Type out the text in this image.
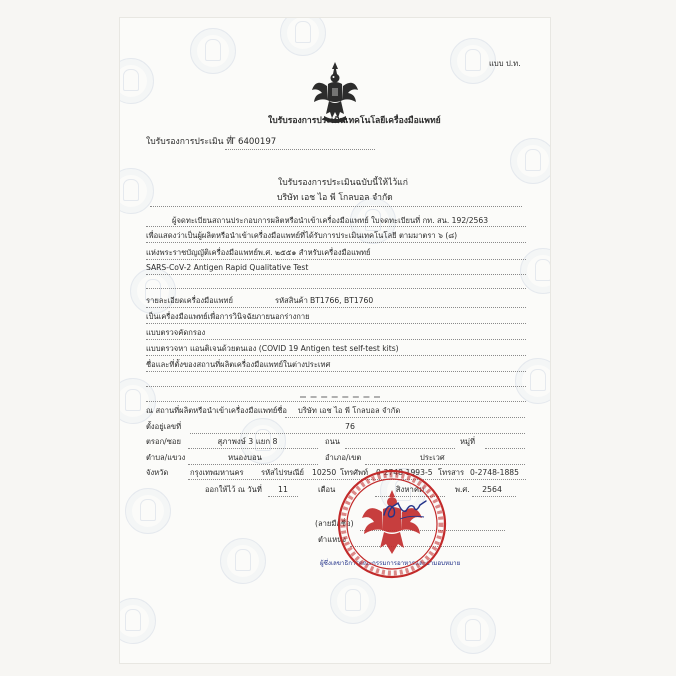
แบบ ป.ท.
ใบรับรองการประเมินเทคโนโลยีเครื่องมือแพทย์
ใบรับรองการประเมิน ที่
T 6400197
ใบรับรองการประเมินฉบับนี้ให้ไว้แก่
บริษัท เอช ไอ พี โกลบอล จำกัด
ผู้จดทะเบียนสถานประกอบการผลิตหรือนำเข้าเครื่องมือแพทย์ ใบจดทะเบียนที่ กท. สน. 192/2563
เพื่อแสดงว่าเป็นผู้ผลิตหรือนำเข้าเครื่องมือแพทย์ที่ได้รับการประเมินเทคโนโลยี ตามมาตรา ๖ (๘)
แห่งพระราชบัญญัติเครื่องมือแพทย์พ.ศ. ๒๕๕๑ สำหรับเครื่องมือแพทย์
SARS-CoV-2 Antigen Rapid Qualitative Test
รายละเอียดเครื่องมือแพทย์	รหัสสินค้า BT1766, BT1760
เป็นเครื่องมือแพทย์เพื่อการวินิจฉัยภายนอกร่างกาย
แบบตรวจคัดกรอง
แบบตรวจหา แอนติเจนด้วยตนเอง (COVID 19 Antigen test self-test kits)
ชื่อและที่ตั้งของสถานที่ผลิตเครื่องมือแพทย์ในต่างประเทศ
ณ สถานที่ผลิตหรือนำเข้าเครื่องมือแพทย์ชื่อ บริษัท เอช ไอ พี โกลบอล จำกัด
ตั้งอยู่เลขที่	76
ตรอก/ซอย	สุภาพงษ์ 3 แยก 8	ถนน	หมู่ที่
ตำบล/แขวง	หนองบอน	อำเภอ/เขต	ประเวศ
จังหวัด	กรุงเทพมหานคร รหัสไปรษณีย์ 10250 โทรศัพท์ 0-2748-1993-5 โทรสาร 0-2748-1885
ออกให้ไว้ ณ วันที่	11	เดือน	สิงหาคม	พ.ศ.	2564
(ลายมือชื่อ)
ตำแหน่ง
ผู้ซึ่งเลขาธิการคณะกรรมการอาหารและยามอบหมาย
